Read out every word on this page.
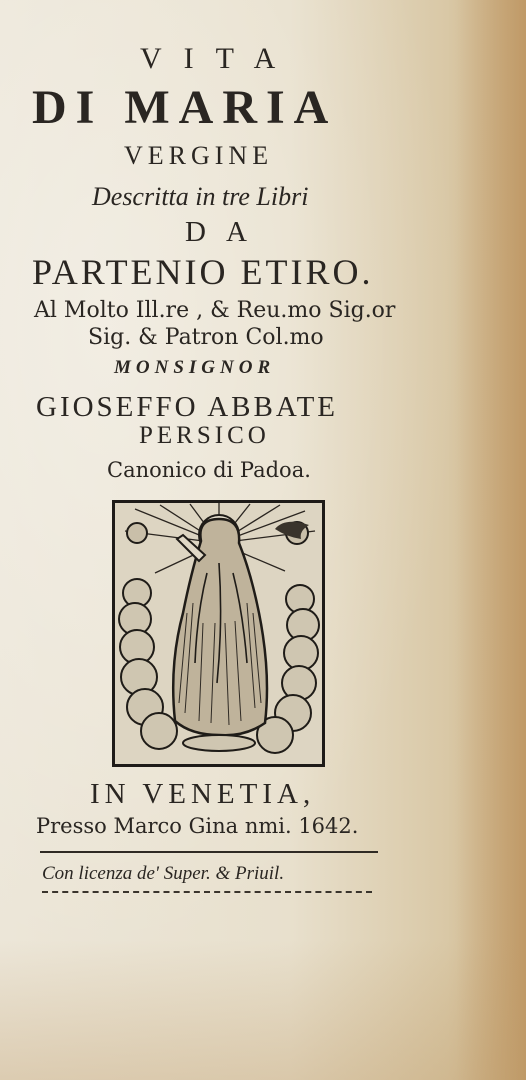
VITA
DI MARIA
VERGINE
Descritta in tre Libri
DA
PARTENIO ETIRO.
Al Molto Ill.re , & Reu.mo Sig.or
Sig. & Patron Col.mo
MONSIGNOR
GIOSEFFO ABBATE
PERSICO
Canonico di Padoa.
IN VENETIA,
Presso Marco Gina nmi. 1642.
Con licenza de' Super. & Priuil.
